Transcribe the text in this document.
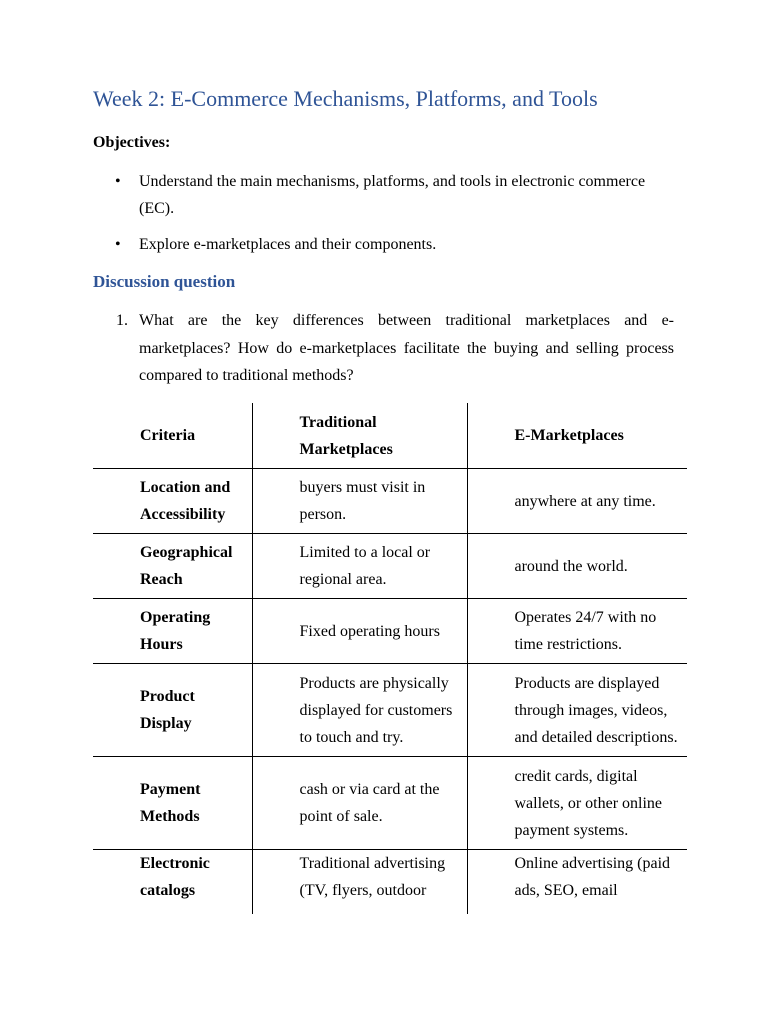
Week 2: E-Commerce Mechanisms, Platforms, and Tools

Objectives:

• Understand the main mechanisms, platforms, and tools in electronic commerce (EC).
• Explore e-marketplaces and their components.
Discussion question
1. What are the key differences between traditional marketplaces and e-
marketplaces? How do e-marketplaces facilitate the buying and selling process
compared to traditional methods?
Criteria	Traditional Marketplaces	E-Marketplaces
Location and Accessibility	buyers must visit in person.	anywhere at any time.
Geographical Reach	Limited to a local or regional area.	around the world.
Operating Hours	Fixed operating hours	Operates 24/7 with no time restrictions.
Product Display	Products are physically displayed for customers to touch and try.	Products are displayed through images, videos, and detailed descriptions.
Payment Methods	cash or via card at the point of sale.	credit cards, digital wallets, or other online payment systems.
Electronic catalogs	Traditional advertising (TV, flyers, outdoor	Online advertising (paid ads, SEO, email
